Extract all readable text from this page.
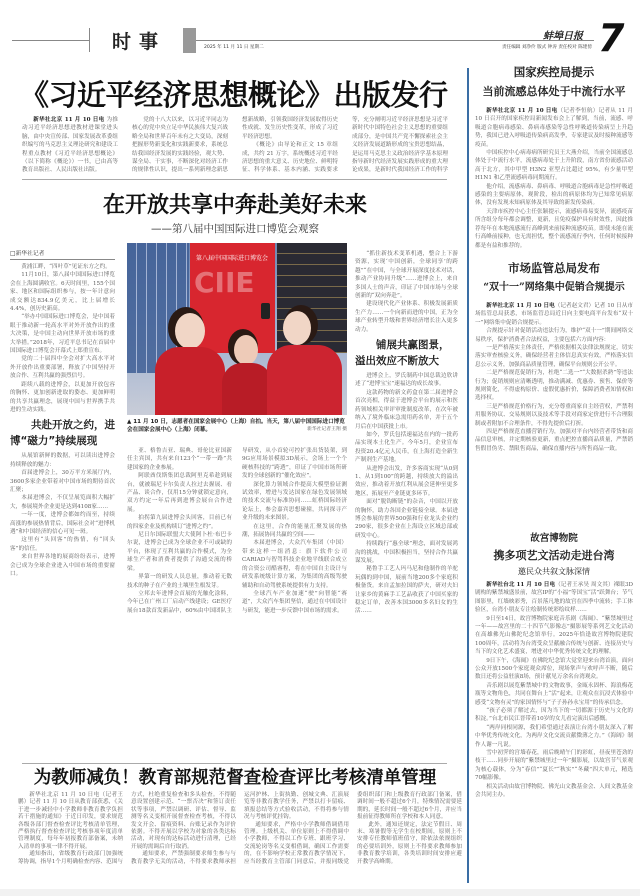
时事	2025 年 11 月 11 日 星期二
蚌埠日报
责任编辑 刘净伶 版式 钟涛 责任校对 陈建傍 7
《习近平经济思想概论》出版发行

新华社北京 11 月 10 日电 为推动习近平经济思想进教材进课堂进头脑，由中央宣传部、国家发展改革委组织编写的马克思主义理论研究和建设工程重点教材《习近平经济思想概论》（以下简称《概论》）一书，已由高等教育出版社、人民出版社出版。

党的十八大以来，以习近平同志为核心的党中央立足中华民族伟大复兴战略全局和世界百年未有之大变局，深刻把握形势新变化和实践新要求，系统总结我国经济发展的实践经验，观大势、谋全局、干实事，不断深化对经济工作的规律性认识，提出一系列新理念新思想新战略，引领我国经济发展取得历史性成就、发生历史性变革，形成了习近平经济思想。

《概论》由导论和正文 15 章组成，共约 21 万字，系统概述习近平经济思想的重大意义、历史地位、鲜明特征、科学体系、基本内涵、实践要求等，充分阐明习近平经济思想是习近平新时代中国特色社会主义思想的重要组成部分，是中国共产党不懈探索社会主义经济发展道路形成的宝贵思想结晶，是运用马克思主义政治经济学基本原理指导新时代经济发展实践形成的重大理论成果，是新时代我国经济工作的科学

在开放共享中奔赴美好未来
——第八届中国国际进口博览会观察
□新华社记者

黄浦江畔，“四叶草”见证东方之约。

11月10日，第八届中国国际进口博览会在上海圆满收官。6天时间里，155个国家、地区和国际组织参与，按一年计意向成交额达834.9亿美元，比上届增长4.4%，创历史新高。

“举办中国国际进口博览会，是中国着眼于推动新一轮高水平对外开放作出的重大决策，是中国主动向世界开放市场的重大举措。”2018年，习近平总书记在首届中国国际进口博览会开幕式上郑重宣布。

党的二十届四中全会对扩大高水平对外开放作出重要部署，释放了中国坚持开放合作、互利共赢的强烈信号。

距续八载的进博会，以更加开放包容的胸怀、更加创新进取的姿态、更加鲜明的共享共赢理念，展现中国与世界携手共进的生动实践。

共赴开放之约，进博“磁力”持续展现

从展馆新鲜的数据，可以读出进博会持续释放的魅力：

首届进博会上，30万平方米展厅内，3600多家企业带着对中国市场的期待首次汇聚；

本届进博会，不仅呈展览面积大幅扩大，参展境外企业更是达到4108家……

一年一度，进博会都如约而至，持续高涨的参展热情背后，国际社会对“进博机遇”和中国经济的信心可见一斑。

这里有“头回客”的热情，有“回头客”的信任。

来自世界各地的展商纷纷表示，进博会已成为全球企业进入中国市场的重要窗口。

第八届中国国际进口博览会
CIIE
▲ 11 月 10 日，志愿者在国家会展中心（上海）自拍。当天，第八届中国国际进口博览会在国家会展中心（上海）闭幕。	新华社记者王翔 摄

亚、格鲁吉亚、瑞典、哥伦比亚国新任主宾国，共有来自123个“一带一路”共建国家的企业参展。

阿联酋伐斯集团总裁阿里克希趁到展台，就被瑞尼卡尔负责人拉过去握展、看产品、谈合作，仅用15分钟就锁定意向，双方约定一年后再到进博会展台合作进展。

拍拐第九届进博会头回客，目前已有的四家企业及机构续订“进博之约”。

尼日尔国际联盟大大使阿卜杜·布巴卡尔说，进博会已成为全球企业不可或缺的平台，体现了互利共赢的合作模式，为全球生产者和消费者提供了沟通交流的桥梁。

界第一的研发人员总量，推动着无数技术的种子在产业的土壤里生根发芽。

立邦去年进博会首展的光触化涂料，今年已在广州工厂启动产线建设；GE医疗展台18款首发新品中，60%由中国团队主导研发，从小首轮可控扩张出货装架，到9G应用场景模拟3D展示，会场上一个个硬核科技的“跨透”，印证了中国市场所研发的全球创新的“催化效应”。

深化算力领域合作提高大模型验证测试效率，增进与发达国家在绿色发展领域的技术交流与标准协同……虹桥国际经济论坛上，参会嘉宾思想碰撞，共同探寻产业升级的未来图景。

在这里，合作的能量汇聚发展的热潮，拓展协同共赢的空间——

本届进博会，大众汽车集团（中国）带来这样一组消息：旗下软件公司CARIAD与智驾科技企业地平线联合成立的合资公司酷睿程，将在中国自主设计与研发系统级计算方案，为集团的高级驾驶辅助和自动驾驶系统提供有力支持。

全球汽车产业加速“驶”向智能“赛道”，大众汽车集团坚信，通过在中国设计与研发，能进一步反馈中国市场的需求。

“抓住新技术变革机遇，整合上下游资源，实现‘中国创新，全球同享’的跨越”“在中国，与全球开展深度技术对话，推动产业协同升级”……进博会上，来自多国人士的声音，印证了中国市场与全球创新的“双向奔赴”。

建设现代化产业体系、积极发展新质生产力……一个向新而进的中国，正为全球产业转型升级和世界经济增长注入更多动力。

铺展共赢图景，溢出效应不断放大

进博会上，罗氏制药中国总裁边欣讲述了“进博宝宝”速福达的成长故事。

这款药物的新文药盒在第二届进博会首次亮相，得益于进博会平台的展示和医药领域相关审评审批制度改革，在次年被纳入了境外临床急需用药名单，并于五个月后在中国获批上市。

如今，罗氏包括速福达在内的一批药品实现本土化生产。今年5月，企业宣布投资20.4亿元人民币，在上海打造全新生产制剂生产基地。

从进博会出发，许多客商实现“从0到1、从1到100”的跨越，持续放大的溢出效应，推动着开放红利从展会延伸至更多地区，拓展至产业链更多环节。

面对“脱钩断链”的杂音，中国以开放的胸怀，助力各国企业链接全球。本届进博会参展的世界500强和行业龙头企业约290家，很多企业在上海设立区域总部或研发中心。

持续践行“惠全球”理念，面对发展鸿沟的挑战，中国积极担当，坚持合作共赢谋发展。

秘鲁手工艺人玛马尼和他制作的羊驼玩偶的到中国，展前当地200多个家庭积极备货。来自孟加拉国的萨夫，研对夫妇让家乡的黄麻手工艺品收获了中国买家的稳定订单，改善本国3000多名妇女的生活……

为教师减负！教育部规范督查检查评比考核清单管理

新华社北京 11 月 10 日电（记者王鹏）记者 11 月 10 日从教育部获悉，《关于进一步减轻中小学教师非教育教学负担若干措施的通知》于近日印发，要求规范各级各部门督查检查评比考核清单管理，严格执行督查检查评比考核事项年度清单管理制度，每年年初报教育部备案，未纳入清单的事项一律不得开展。

通知指出，省级教育行政部门加强统筹协调，指导1个月明确检查内容、范围与方式，杜绝重复检查和多头检查。不得随意设置创建示范、“一票否决”和签订责任状等事项，严禁以调研、评估、督导、监测等名义变相开展督查检查考核，不得以发文开会、留痕资料、台账记录作为评价依据。不得开展以学校为对象的各类达标活动，对现有的达标活动进行清理，已经开展的需调后自行取消。

通知要求，严禁强制要求师生参与与教育教学无关的活动，不得要求教师承担运河护林、上街执勤、创城文典、汇演展览等非教育教学任务，严禁以打卡留痕、填报总结等方式验收活动，不得将参与情况与考核评优挂钩。

通知要求，严格中小学教师借调借用管理。上级机关、单位原则上不得借调中小学教师，不得以工作专班、跟班学习、交流轮岗等名义变相借调，确因工作需要的，在不影响学校正常教育教学情况下，应当经教育主管部门同意后，并报同级党委组织部门和上级教育行政部门备案，借调时间一般不超过6个月，特殊情况需要延期的，延长时间一般不超过6个月，并应当报前征得教师所在学校和本人同意。

此外，通知还规定，法定节假日、周末、寒暑假等无学生在校期间，原则上不安排专任教师值班值守，除依法依规组织的必要培训外，原则上不得要求教师参加非教育教学培训，各类培训时间安排应避开教学高峰期。

国家疾控局提示
当前流感总体处于中流行水平

新华社北京 11 月 10 日电（记者李恒航）记者从 11 月 10 日召开的国家疾控局新闻发布会上了解到，当前，流感、呼吸道合胞病毒感染、鼻病毒感染等急性呼吸道传染病呈上升趋势，我国已进入呼吸道传染病高发季，专家建议及时接种流感等疫苗。

中国疾控中心病毒病所研究员王大燕介绍，当前全国流感总体处于中流行水平，流感病毒处于上升阶段，南方省份流感活动高于北方，其中甲型 H3N2 亚型占比超过 95%，有少量甲型 H1N1 和乙型流感病毒同期流行。

他介绍，流感病毒、鼻病毒、呼吸道合胞病毒是急性呼吸道感染的主要病原体，观阶段，检出的病原体均为已知常见病原体，没有发现未知病原体及其导致的新发传染病。

天津市疾控中心主任张颖提示，流感病毒易变异，流感疫苗所含组分每年都会调整，更新，且免疫保护具有时效性，因此推荐每年在本地流感流行高峰到来前接种流感疫苗。即使未能在流行高峰前接种，也无需担忧，整个流感流行季内，任何时候接种都是有益和推荐的。

市场监管总局发布
“双十一”网络集中促销合规提示

新华社北京 11 月 10 日电（记者赵文君）记者 10 日从市场监管总局获悉，市场监管总局近日向主要电商平台发布“双十一”网络集中促销合规提示。

合规提示针对促销活动违法行为，维护“双十一”期间网络交易秩序，保护消费者合法权益，主要包括六方面内容：

一是严格落实主体责任，严格依据相关法律法规规定，切实落实审查核验义务，确保经营者主体信息真实有效，严格落实信息公示义务，加强商品质量管理，确保平台规则公开公平。

二是严格规范促销行为，杜绝“二选一”“大数据杀熟”等违法行为；促销规则应清晰透明，推动满减、优惠券、预售、保价等规则简化，不得虚构原价、虚假优惠折价，保障消费者知情权和选择权。

三是严格规范价格行为，充分尊重商家自主经营权，严禁利用服务协议、交易规则以及技术等手段对商家定价进行不合理限制或者附加不合理条件，不得先提价后打折。

四是严格规范直播营销行为，加强对平台内经营者带货和商品信息审核，并定期核验更新，重点把控直播商品质量，严禁销售假冒伪劣、禁限售商品，确保直播内容与所售商品一致。

故宫博物院
携多项艺文活动走进台湾
邀民众共叙文脉深情

新华社台北 11 月 10 日电（记者王承昊 周文其）裸眼3D剧构的紫禁城盛景前，故宫IP的“小福”等国宝“活”跃舞台；节气图影里，红墙映彩秀，百景落凡地的故宫在四季中流转；手工体验区，台湾小朋友专注绘制传统彩绘纹样……

9日至14日，故宫博物院家庭音乐剧《海阔》、“紫禁城里过一年——故宫里的二十四节气影像志”摄影展等系列艺文化活动在高雄佛光山佛陀纪念馆举行。2025年恰逢故宫博物院建院100周年，活动将为台湾受众呈献融合传统与创新、连接历史与当下的文化艺术盛宴，增进对中华优秀传统文化的理解。

9日下午，《海阔》在佛陀纪念馆大觉堂迎来台湾首演，面向公众开放1500个家庭观众席位，现场掌声与欢呼声不断，随后数日还将公益驻演8场，预计献见万余名台湾观众。

音乐剧以展览紫禁城中的文物故事，金瓯永固杯、海浪梅花瓶等文物角色，共同在舞台上“活”起来，让观众在沉浸式体验中感受“文物有灵”的家国情怀与“子子孙孙永宝用”的传承信念。

“孩子必须了解过去，因为当下的一切都源于历史与文化的积淀。”台北市民江晋带着10岁的女儿看完演出后感慨。

“两岸同根同源，我们希望通过表演让台湾小朋友深入了解中华优秀传统文化，为两岸文化交流贡献微薄之力。”《海阔》制作人谢一凡说。

雪中初霁的宫墙春花，雨后晚晴午门的彩虹，昼夜里苍劲的枝干……同步开展的“紫禁城里过一年”摄影展，以故宫节气景观为核心载体，分为“春信”“夏长”“秋实”“冬藏”四大单元，精选70幅影像。

相关活动由故宫博物院、佛光山文教基金会、人间文教基金会共同主办。
